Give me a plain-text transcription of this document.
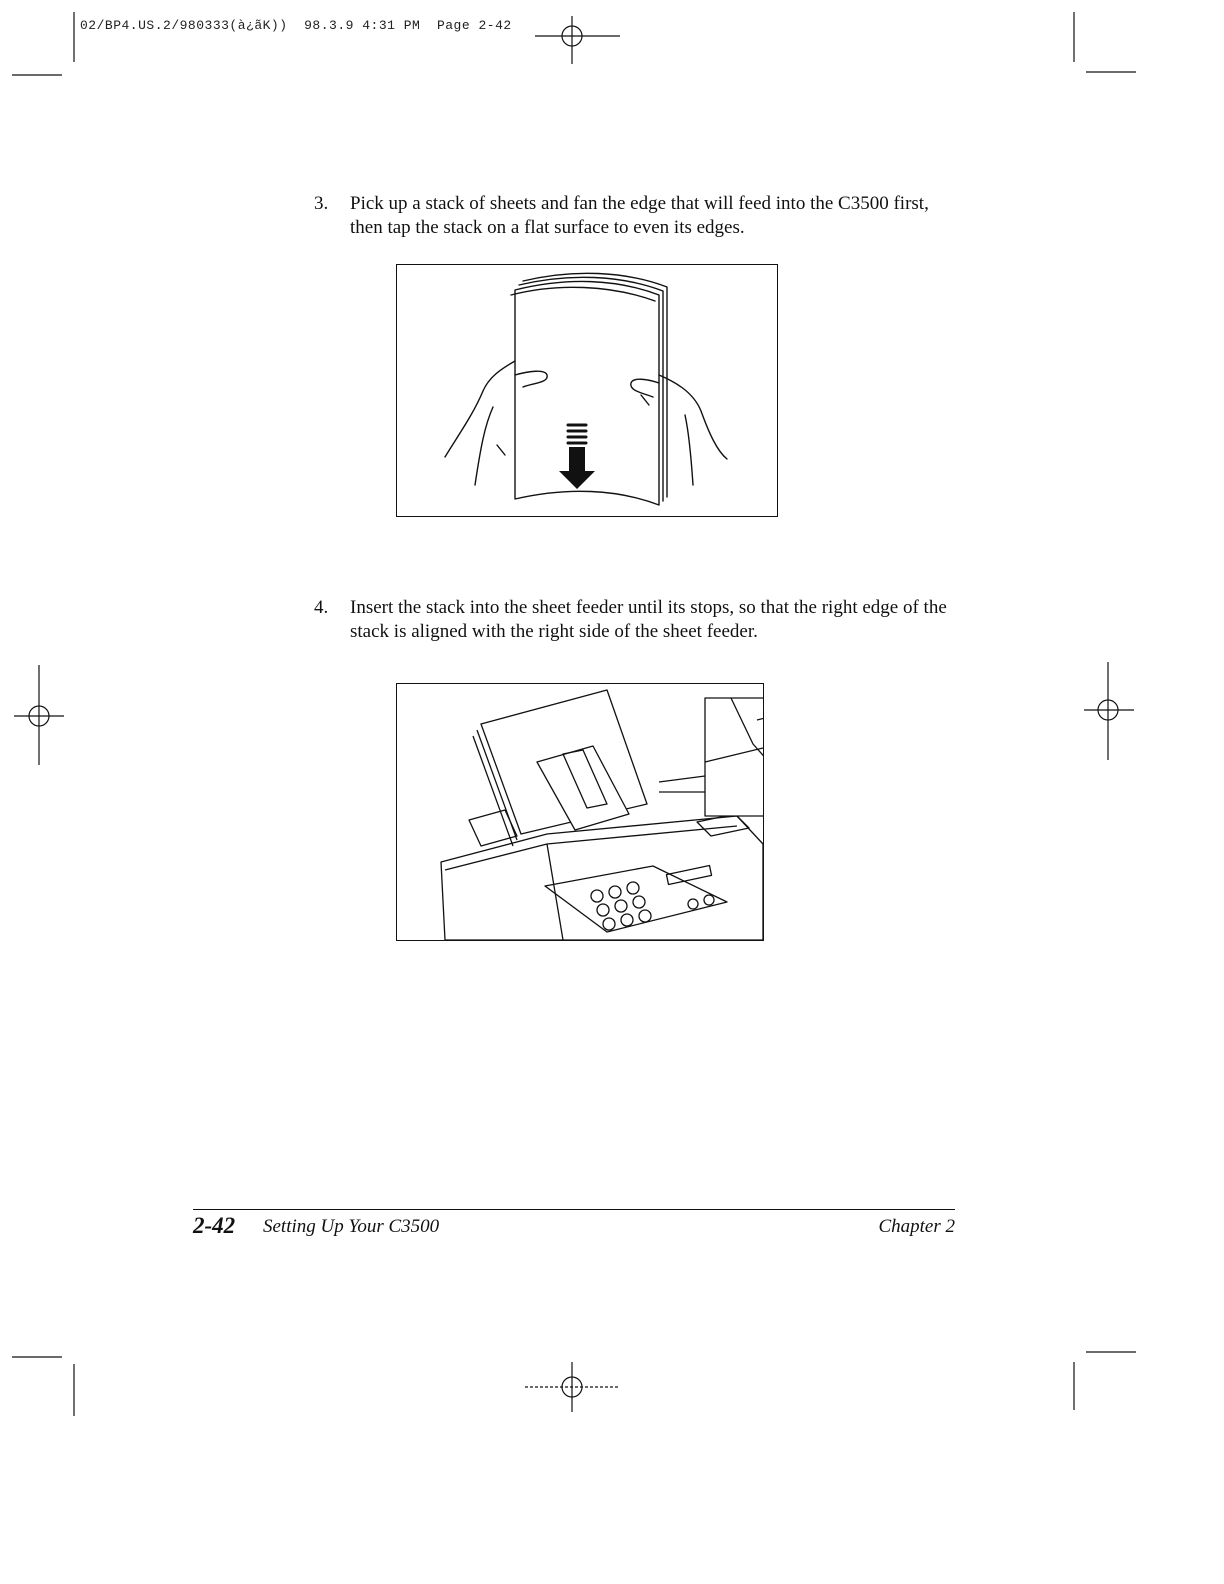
02/BP4.US.2/980333(à¿ãK))  98.3.9 4:31 PM  Page 2-42
3. Pick up a stack of sheets and fan the edge that will feed into the C3500 first, then tap the stack on a flat surface to even its edges.
4. Insert the stack into the sheet feeder until its stops, so that the right edge of the stack is aligned with the right side of the sheet feeder.
2-42 Setting Up Your C3500	Chapter 2
